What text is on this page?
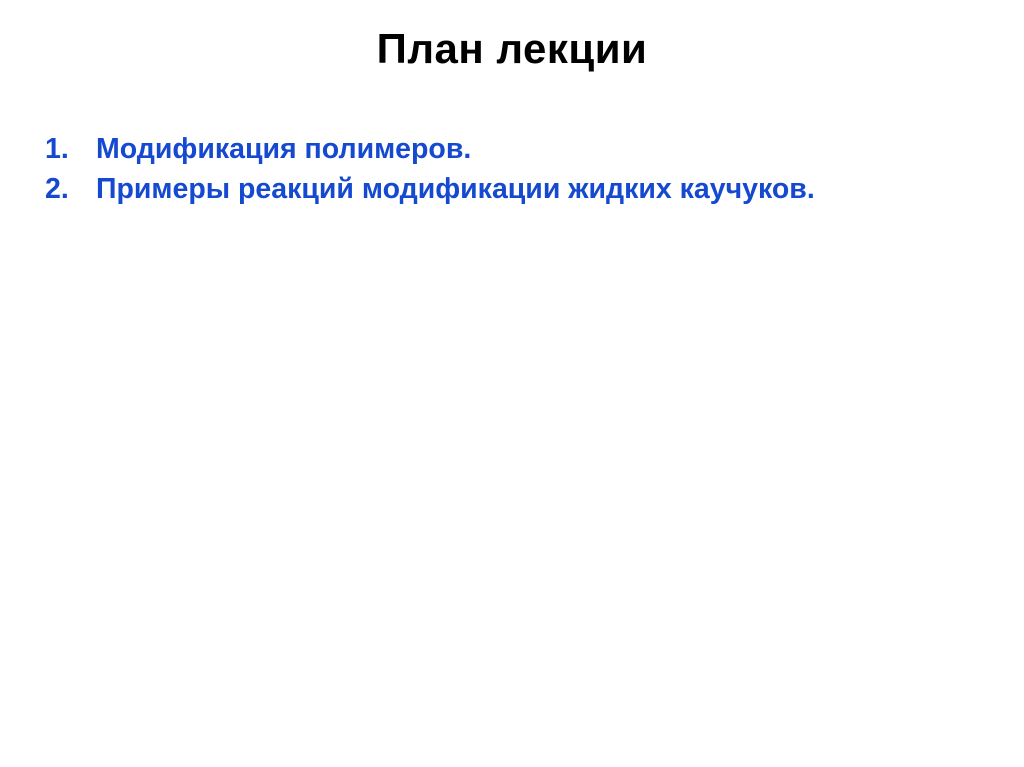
План лекции
1. Модификация полимеров.
2. Примеры реакций модификации жидких каучуков.
